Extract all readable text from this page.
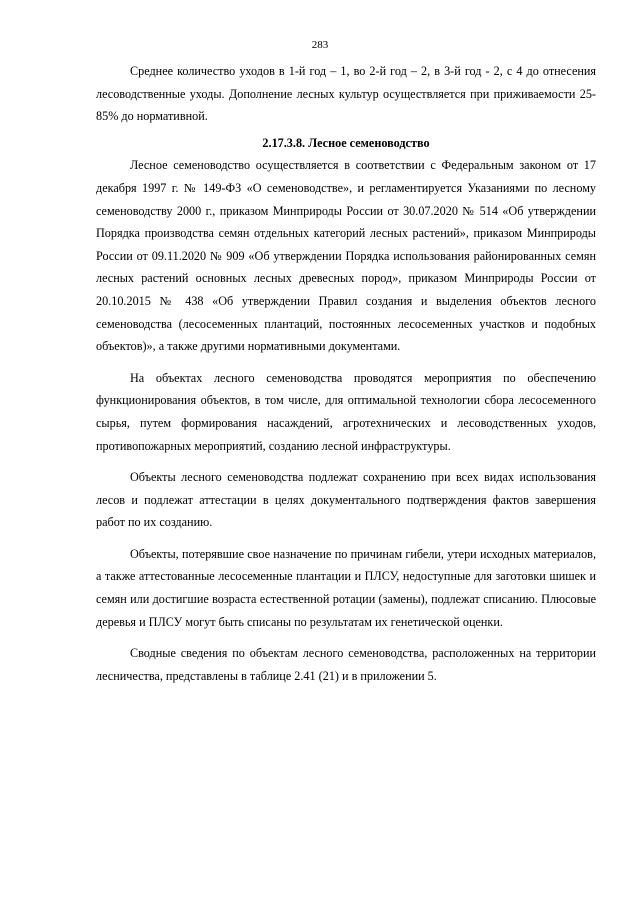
283

Среднее количество уходов в 1-й год – 1, во 2-й год – 2, в 3-й год - 2, с 4 до отнесения лесоводственные уходы. Дополнение лесных культур осуществляется при приживаемости 25-85% до нормативной.

2.17.3.8. Лесное семеноводство

Лесное семеноводство осуществляется в соответствии с Федеральным законом от 17 декабря 1997 г. № 149-ФЗ «О семеноводстве», и регламентируется Указаниями по лесному семеноводству 2000 г., приказом Минприроды России от 30.07.2020 № 514 «Об утверждении Порядка производства семян отдельных категорий лесных растений», приказом Минприроды России от 09.11.2020 № 909 «Об утверждении Порядка использования районированных семян лесных растений основных лесных древесных пород», приказом Минприроды России от 20.10.2015 № 438 «Об утверждении Правил создания и выделения объектов лесного семеноводства (лесосеменных плантаций, постоянных лесосеменных участков и подобных объектов)», а также другими нормативными документами.

На объектах лесного семеноводства проводятся мероприятия по обеспечению функционирования объектов, в том числе, для оптимальной технологии сбора лесосеменного сырья, путем формирования насаждений, агротехнических и лесоводственных уходов, противопожарных мероприятий, созданию лесной инфраструктуры.

Объекты лесного семеноводства подлежат сохранению при всех видах использования лесов и подлежат аттестации в целях документального подтверждения фактов завершения работ по их созданию.

Объекты, потерявшие свое назначение по причинам гибели, утери исходных материалов, а также аттестованные лесосеменные плантации и ПЛСУ, недоступные для заготовки шишек и семян или достигшие возраста естественной ротации (замены), подлежат списанию. Плюсовые деревья и ПЛСУ могут быть списаны по результатам их генетической оценки.

Сводные сведения по объектам лесного семеноводства, расположенных на территории лесничества, представлены в таблице 2.41 (21) и в приложении 5.
